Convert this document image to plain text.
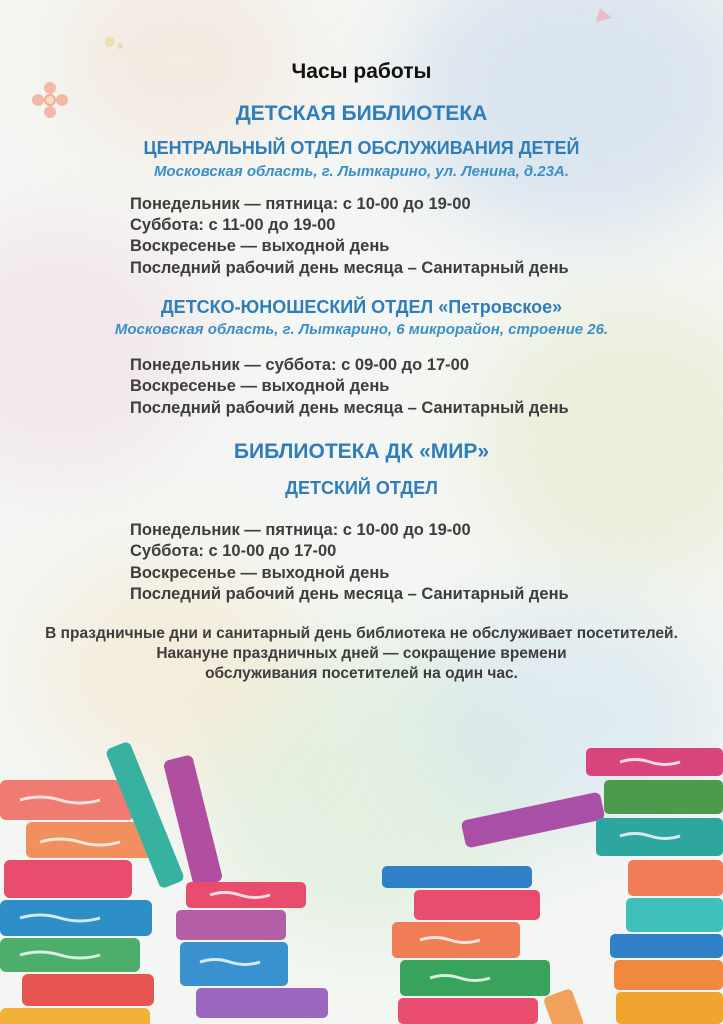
Часы работы
ДЕТСКАЯ БИБЛИОТЕКА
ЦЕНТРАЛЬНЫЙ ОТДЕЛ ОБСЛУЖИВАНИЯ ДЕТЕЙ
Московская область, г. Лыткарино, ул. Ленина, д.23А.
Понедельник — пятница: с 10-00 до 19-00
Суббота: с 11-00 до 19-00
Воскресенье — выходной день
Последний рабочий день месяца – Санитарный день
ДЕТСКО-ЮНОШЕСКИЙ ОТДЕЛ «Петровское»
Московская область, г. Лыткарино, 6 микрорайон, строение 26.
Понедельник — суббота: с 09-00 до 17-00
Воскресенье — выходной день
Последний рабочий день месяца – Санитарный день
БИБЛИОТЕКА ДК «МИР»
ДЕТСКИЙ ОТДЕЛ
Понедельник — пятница: с 10-00 до 19-00
Суббота: с 10-00 до 17-00
Воскресенье — выходной день
Последний рабочий день месяца – Санитарный день
В праздничные дни и санитарный день библиотека не обслуживает посетителей.
Накануне праздничных дней — сокращение времени
обслуживания посетителей на один час.
